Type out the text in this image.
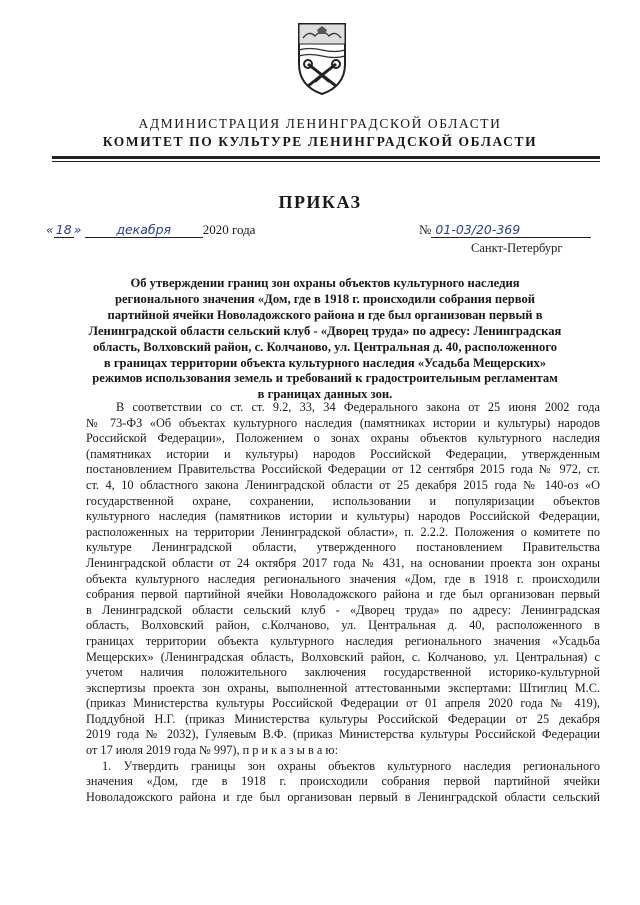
АДМИНИСТРАЦИЯ ЛЕНИНГРАДСКОЙ ОБЛАСТИ
КОМИТЕТ ПО КУЛЬТУРЕ ЛЕНИНГРАДСКОЙ ОБЛАСТИ
ПРИКАЗ
« 18 »	декабря 2020 года	№ 01-03/20-369
Санкт-Петербург
Об утверждении границ зон охраны объектов культурного наследия
регионального значения «Дом, где в 1918 г. происходили собрания первой
партийной ячейки Новоладожского района и где был организован первый в
Ленинградской области сельский клуб - «Дворец труда» по адресу: Ленинградская
область, Волховский район, с. Колчаново, ул. Центральная д. 40, расположенного
в границах территории объекта культурного наследия «Усадьба Мещерских»
режимов использования земель и требований к градостроительным регламентам
в границах данных зон.
В соответствии со ст. ст. 9.2, 33, 34 Федерального закона от 25 июня 2002 года
№ 73-ФЗ «Об объектах культурного наследия (памятниках истории и культуры) народов
Российской Федерации», Положением о зонах охраны объектов культурного наследия
(памятниках истории и культуры) народов Российской Федерации, утвержденным
постановлением Правительства Российской Федерации от 12 сентября 2015 года № 972, ст.
ст. 4, 10 областного закона Ленинградской области от 25 декабря 2015 года № 140-оз «О
государственной охране, сохранении, использовании и популяризации объектов
культурного наследия (памятников истории и культуры) народов Российской Федерации,
расположенных на территории Ленинградской области», п. 2.2.2. Положения о комитете по
культуре Ленинградской области, утвержденного постановлением Правительства
Ленинградской области от 24 октября 2017 года № 431, на основании проекта зон охраны
объекта культурного наследия регионального значения «Дом, где в 1918 г. происходили
собрания первой партийной ячейки Новоладожского района и где был организован первый
в Ленинградской области сельский клуб - «Дворец труда» по адресу: Ленинградская
область, Волховский район, с.Колчаново, ул. Центральная д. 40, расположенного в
границах территории объекта культурного наследия регионального значения «Усадьба
Мещерских» (Ленинградская область, Волховский район, с. Колчаново, ул. Центральная) с
учетом наличия положительного заключения государственной историко-культурной
экспертизы проекта зон охраны, выполненной аттестованными экспертами: Штиглиц М.С.
(приказ Министерства культуры Российской Федерации от 01 апреля 2020 года № 419),
Поддубной Н.Г. (приказ Министерства культуры Российской Федерации от 25 декабря
2019 года № 2032), Гуляевым В.Ф. (приказ Министерства культуры Российской Федерации
от 17 июля 2019 года № 997), п р и к а з ы в а ю:
1. Утвердить границы зон охраны объектов культурного наследия регионального
значения «Дом, где в 1918 г. происходили собрания первой партийной ячейки
Новоладожского района и где был организован первый в Ленинградской области сельский
